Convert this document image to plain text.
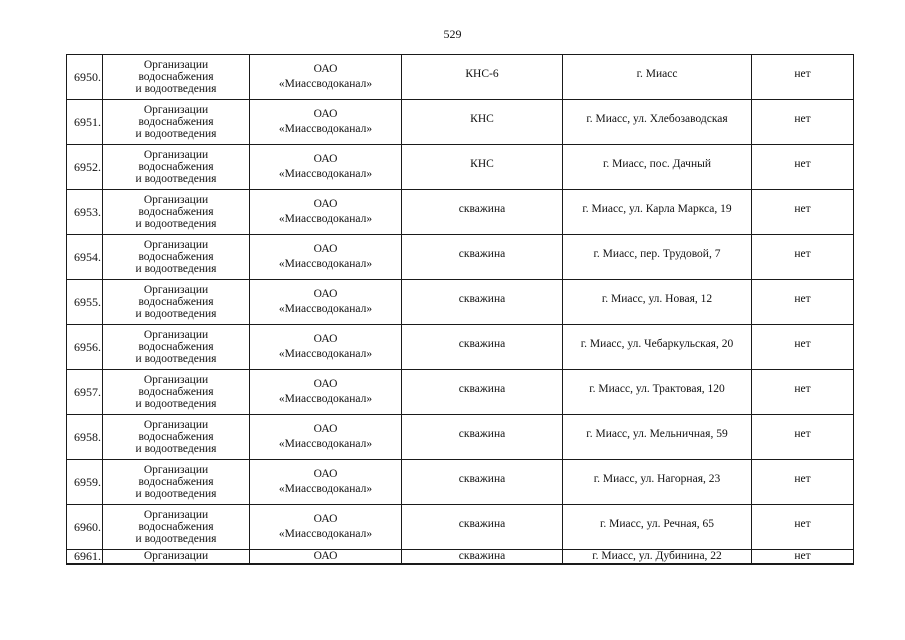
529
6950.	Организации
водоснабжения
и водоотведения	ОАО
«Миассводоканал»	КНС-6	г. Миасс	нет
6951.	Организации
водоснабжения
и водоотведения	ОАО
«Миассводоканал»	КНС	г. Миасс, ул. Хлебозаводская	нет
6952.	Организации
водоснабжения
и водоотведения	ОАО
«Миассводоканал»	КНС	г. Миасс, пос. Дачный	нет
6953.	Организации
водоснабжения
и водоотведения	ОАО
«Миассводоканал»	скважина	г. Миасс, ул. Карла Маркса, 19	нет
6954.	Организации
водоснабжения
и водоотведения	ОАО
«Миассводоканал»	скважина	г. Миасс, пер. Трудовой, 7	нет
6955.	Организации
водоснабжения
и водоотведения	ОАО
«Миассводоканал»	скважина	г. Миасс, ул. Новая, 12	нет
6956.	Организации
водоснабжения
и водоотведения	ОАО
«Миассводоканал»	скважина	г. Миасс, ул. Чебаркульская, 20	нет
6957.	Организации
водоснабжения
и водоотведения	ОАО
«Миассводоканал»	скважина	г. Миасс, ул. Трактовая, 120	нет
6958.	Организации
водоснабжения
и водоотведения	ОАО
«Миассводоканал»	скважина	г. Миасс, ул. Мельничная, 59	нет
6959.	Организации
водоснабжения
и водоотведения	ОАО
«Миассводоканал»	скважина	г. Миасс, ул. Нагорная, 23	нет
6960.	Организации
водоснабжения
и водоотведения	ОАО
«Миассводоканал»	скважина	г. Миасс, ул. Речная, 65	нет
6961.	Организации	ОАО	скважина	г. Миасс, ул. Дубинина, 22	нет
